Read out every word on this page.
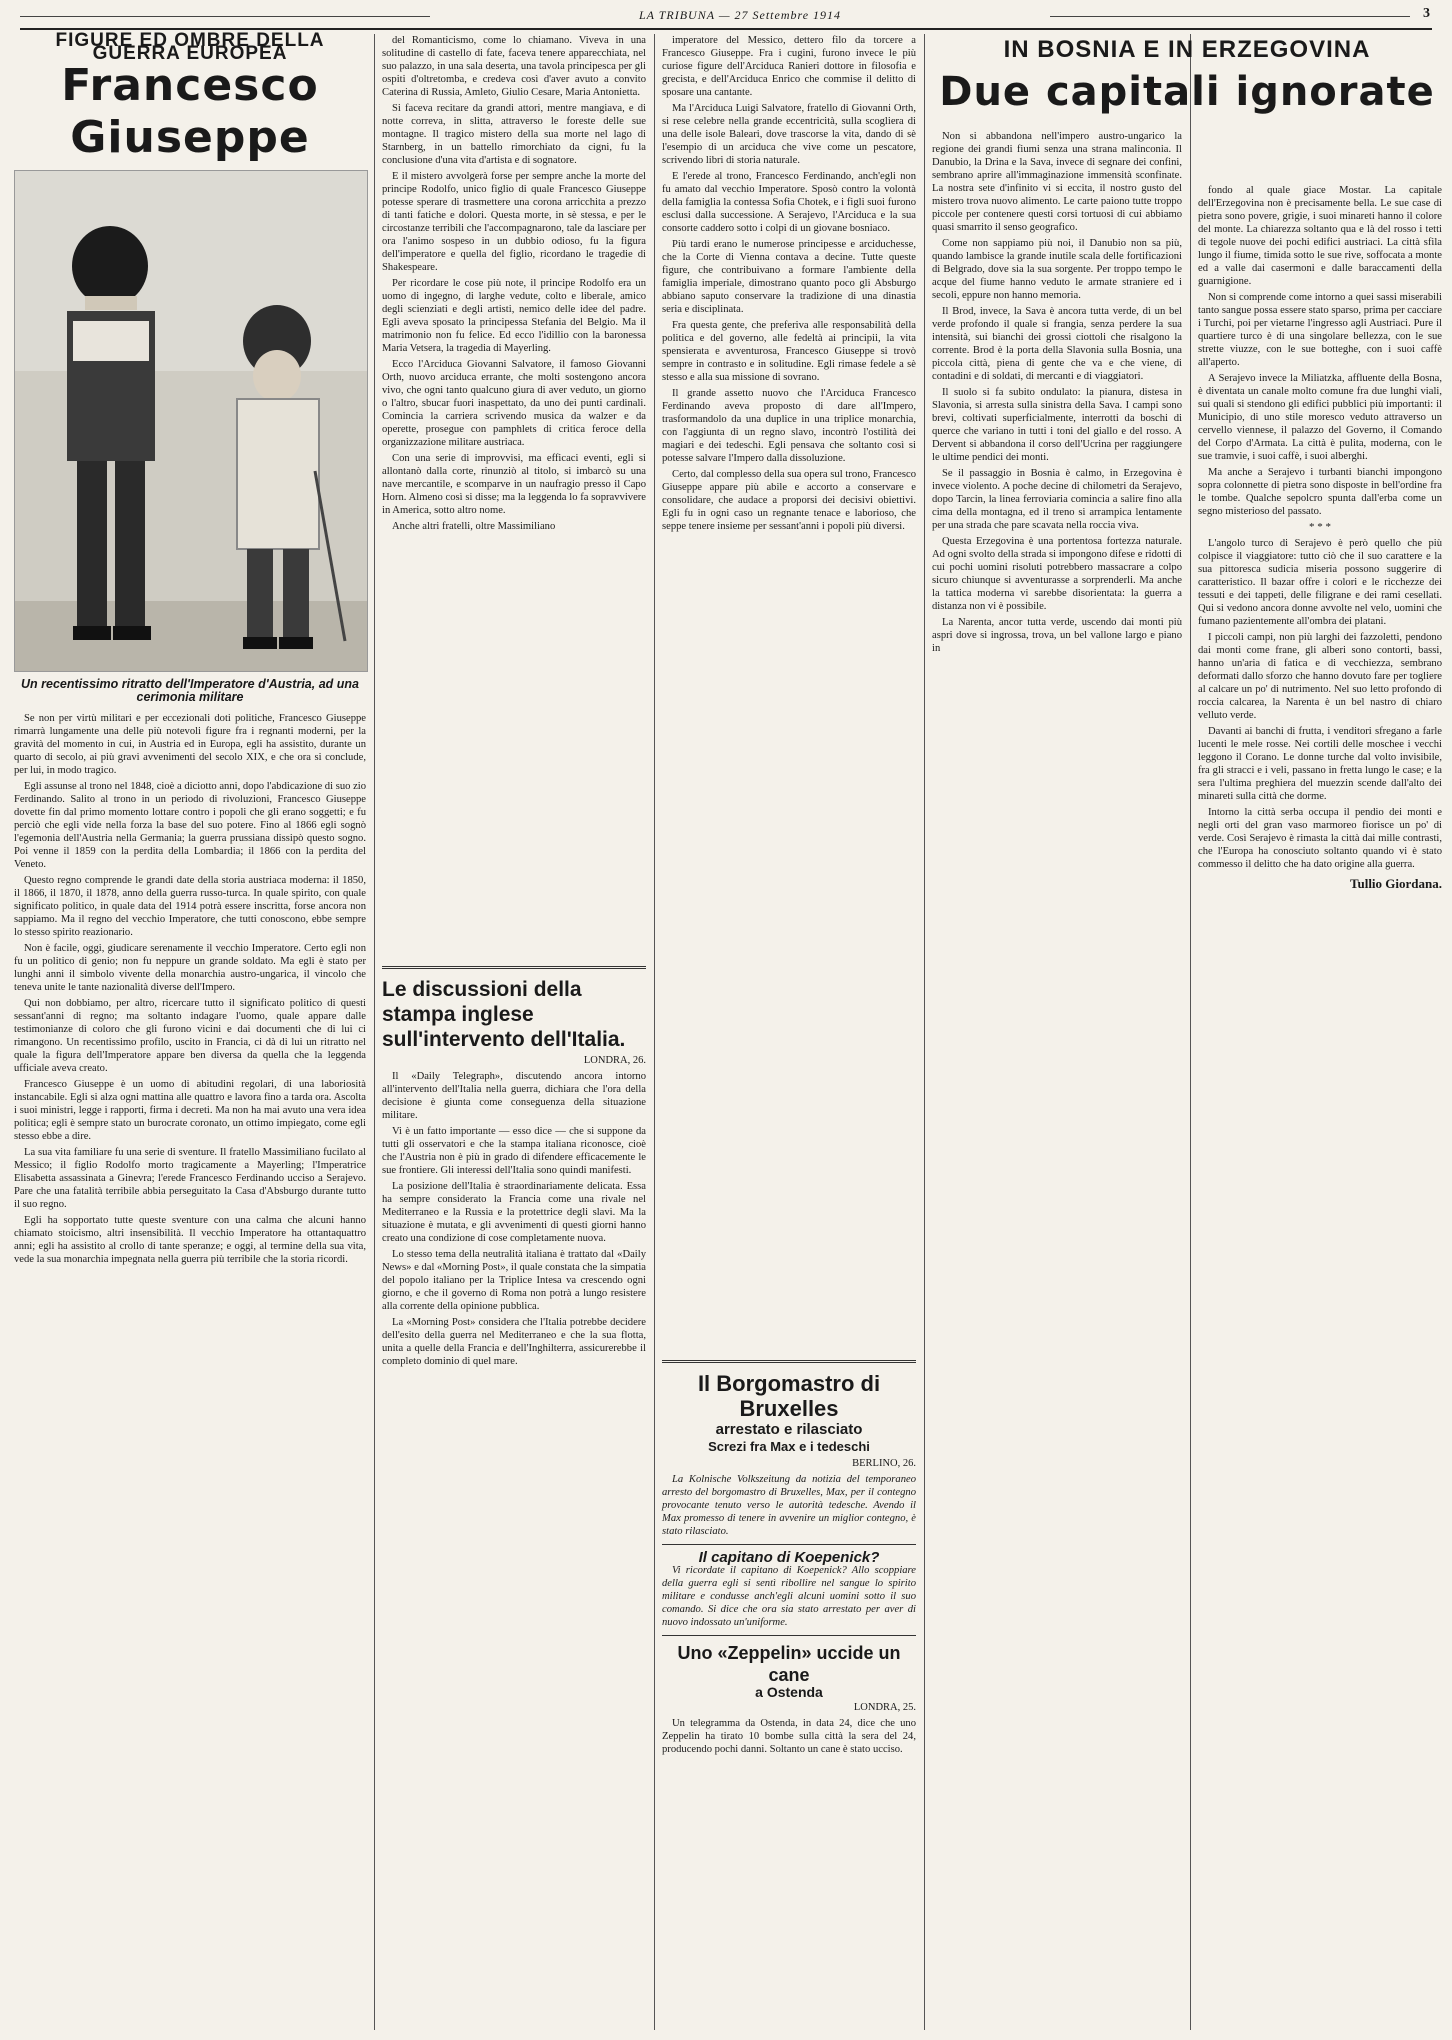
LA TRIBUNA — 27 Settembre 1914	3
FIGURE ED OMBRE DELLA GUERRA EUROPEA
Francesco Giuseppe
Un recentissimo ritratto dell'Imperatore d'Austria, ad una cerimonia militare

Se non per virtù militari e per eccezionali doti politiche, Francesco Giuseppe rimarrà lungamente una delle più notevoli figure fra i regnanti moderni, per la gravità del momento in cui, in Austria ed in Europa, egli ha assistito, durante un quarto di secolo, ai più gravi avvenimenti del secolo XIX, e che ora si conclude, per lui, in modo tragico.

Egli assunse al trono nel 1848, cioè a diciotto anni, dopo l'abdicazione di suo zio Ferdinando. Salito al trono in un periodo di rivoluzioni, Francesco Giuseppe dovette fin dal primo momento lottare contro i popoli che gli erano soggetti; e fu perciò che egli vide nella forza la base del suo potere. Fino al 1866 egli sognò l'egemonia dell'Austria nella Germania; la guerra prussiana dissipò questo sogno. Poi venne il 1859 con la perdita della Lombardia; il 1866 con la perdita del Veneto.

Questo regno comprende le grandi date della storia austriaca moderna: il 1850, il 1866, il 1870, il 1878, anno della guerra russo-turca. In quale spirito, con quale significato politico, in quale data del 1914 potrà essere inscritta, forse ancora non sappiamo. Ma il regno del vecchio Imperatore, che tutti conoscono, ebbe sempre lo stesso spirito reazionario.

Non è facile, oggi, giudicare serenamente il vecchio Imperatore. Certo egli non fu un politico di genio; non fu neppure un grande soldato. Ma egli è stato per lunghi anni il simbolo vivente della monarchia austro-ungarica, il vincolo che teneva unite le tante nazionalità diverse dell'Impero.

Qui non dobbiamo, per altro, ricercare tutto il significato politico di questi sessant'anni di regno; ma soltanto indagare l'uomo, quale appare dalle testimonianze di coloro che gli furono vicini e dai documenti che di lui ci rimangono. Un recentissimo profilo, uscito in Francia, ci dà di lui un ritratto nel quale la figura dell'Imperatore appare ben diversa da quella che la leggenda ufficiale aveva creato.

Francesco Giuseppe è un uomo di abitudini regolari, di una laboriosità instancabile. Egli si alza ogni mattina alle quattro e lavora fino a tarda ora. Ascolta i suoi ministri, legge i rapporti, firma i decreti. Ma non ha mai avuto una vera idea politica; egli è sempre stato un burocrate coronato, un ottimo impiegato, come egli stesso ebbe a dire.

La sua vita familiare fu una serie di sventure. Il fratello Massimiliano fucilato al Messico; il figlio Rodolfo morto tragicamente a Mayerling; l'Imperatrice Elisabetta assassinata a Ginevra; l'erede Francesco Ferdinando ucciso a Serajevo. Pare che una fatalità terribile abbia perseguitato la Casa d'Absburgo durante tutto il suo regno.

Egli ha sopportato tutte queste sventure con una calma che alcuni hanno chiamato stoicismo, altri insensibilità. Il vecchio Imperatore ha ottantaquattro anni; egli ha assistito al crollo di tante speranze; e oggi, al termine della sua vita, vede la sua monarchia impegnata nella guerra più terribile che la storia ricordi.

del Romanticismo, come lo chiamano. Viveva in una solitudine di castello di fate, faceva tenere apparecchiata, nel suo palazzo, in una sala deserta, una tavola principesca per gli ospiti d'oltretomba, e credeva così d'aver avuto a convito Caterina di Russia, Amleto, Giulio Cesare, Maria Antonietta.

Si faceva recitare da grandi attori, mentre mangiava, e di notte correva, in slitta, attraverso le foreste delle sue montagne. Il tragico mistero della sua morte nel lago di Starnberg, in un battello rimorchiato da cigni, fu la conclusione d'una vita d'artista e di sognatore.

E il mistero avvolgerà forse per sempre anche la morte del principe Rodolfo, unico figlio di quale Francesco Giuseppe potesse sperare di trasmettere una corona arricchita a prezzo di tanti fatiche e dolori. Questa morte, in sè stessa, e per le circostanze terribili che l'accompagnarono, tale da lasciare per ora l'animo sospeso in un dubbio odioso, fu la figura dell'imperatore e quella del figlio, ricordano le tragedie di Shakespeare.

Per ricordare le cose più note, il principe Rodolfo era un uomo di ingegno, di larghe vedute, colto e liberale, amico degli scienziati e degli artisti, nemico delle idee del padre. Egli aveva sposato la principessa Stefania del Belgio. Ma il matrimonio non fu felice. Ed ecco l'idillio con la baronessa Maria Vetsera, la tragedia di Mayerling.

Ecco l'Arciduca Giovanni Salvatore, il famoso Giovanni Orth, nuovo arciduca errante, che molti sostengono ancora vivo, che ogni tanto qualcuno giura di aver veduto, un giorno o l'altro, sbucar fuori inaspettato, da uno dei punti cardinali. Comincia la carriera scrivendo musica da walzer e da operette, prosegue con pamphlets di critica feroce della organizzazione militare austriaca.

Con una serie di improvvisi, ma efficaci eventi, egli si allontanò dalla corte, rinunziò al titolo, si imbarcò su una nave mercantile, e scomparve in un naufragio presso il Capo Horn. Almeno così si disse; ma la leggenda lo fa sopravvivere in America, sotto altro nome.

Anche altri fratelli, oltre Massimiliano

Le discussioni della stampa inglese sull'intervento dell'Italia.
LONDRA, 26.

Il «Daily Telegraph», discutendo ancora intorno all'intervento dell'Italia nella guerra, dichiara che l'ora della decisione è giunta come conseguenza della situazione militare.

Vi è un fatto importante — esso dice — che si suppone da tutti gli osservatori e che la stampa italiana riconosce, cioè che l'Austria non è più in grado di difendere efficacemente le sue frontiere. Gli interessi dell'Italia sono quindi manifesti.

La posizione dell'Italia è straordinariamente delicata. Essa ha sempre considerato la Francia come una rivale nel Mediterraneo e la Russia e la protettrice degli slavi. Ma la situazione è mutata, e gli avvenimenti di questi giorni hanno creato una condizione di cose completamente nuova.

Lo stesso tema della neutralità italiana è trattato dal «Daily News» e dal «Morning Post», il quale constata che la simpatia del popolo italiano per la Triplice Intesa va crescendo ogni giorno, e che il governo di Roma non potrà a lungo resistere alla corrente della opinione pubblica.

La «Morning Post» considera che l'Italia potrebbe decidere dell'esito della guerra nel Mediterraneo e che la sua flotta, unita a quelle della Francia e dell'Inghilterra, assicurerebbe il completo dominio di quel mare.

imperatore del Messico, dettero filo da torcere a Francesco Giuseppe. Fra i cugini, furono invece le più curiose figure dell'Arciduca Ranieri dottore in filosofia e grecista, e dell'Arciduca Enrico che commise il delitto di sposare una cantante.

Ma l'Arciduca Luigi Salvatore, fratello di Giovanni Orth, si rese celebre nella grande eccentricità, sulla scogliera di una delle isole Baleari, dove trascorse la vita, dando di sè l'esempio di un arciduca che vive come un pescatore, scrivendo libri di storia naturale.

E l'erede al trono, Francesco Ferdinando, anch'egli non fu amato dal vecchio Imperatore. Sposò contro la volontà della famiglia la contessa Sofia Chotek, e i figli suoi furono esclusi dalla successione. A Serajevo, l'Arciduca e la sua consorte caddero sotto i colpi di un giovane bosniaco.

Più tardi erano le numerose principesse e arciduchesse, che la Corte di Vienna contava a decine. Tutte queste figure, che contribuivano a formare l'ambiente della famiglia imperiale, dimostrano quanto poco gli Absburgo abbiano saputo conservare la tradizione di una dinastia seria e disciplinata.

Fra questa gente, che preferiva alle responsabilità della politica e del governo, alle fedeltà ai principii, la vita spensierata e avventurosa, Francesco Giuseppe si trovò sempre in contrasto e in solitudine. Egli rimase fedele a sè stesso e alla sua missione di sovrano.

Il grande assetto nuovo che l'Arciduca Francesco Ferdinando aveva proposto di dare all'Impero, trasformandolo da una duplice in una triplice monarchia, con l'aggiunta di un regno slavo, incontrò l'ostilità dei magiari e dei tedeschi. Egli pensava che soltanto così si potesse salvare l'Impero dalla dissoluzione.

Certo, dal complesso della sua opera sul trono, Francesco Giuseppe appare più abile e accorto a conservare e consolidare, che audace a proporsi dei decisivi obiettivi. Egli fu in ogni caso un regnante tenace e laborioso, che seppe tenere insieme per sessant'anni i popoli più diversi.

Il Borgomastro di Bruxelles
arrestato e rilasciato
Screzi fra Max e i tedeschi
BERLINO, 26.

La Kolnische Volkszeitung da notizia del temporaneo arresto del borgomastro di Bruxelles, Max, per il contegno provocante tenuto verso le autorità tedesche. Avendo il Max promesso di tenere in avvenire un miglior contegno, è stato rilasciato.

Il capitano di Koepenick?

Vi ricordate il capitano di Koepenick? Allo scoppiare della guerra egli si sentì ribollire nel sangue lo spirito militare e condusse anch'egli alcuni uomini sotto il suo comando. Si dice che ora sia stato arrestato per aver di nuovo indossato un'uniforme.

Uno «Zeppelin» uccide un cane
a Ostenda
LONDRA, 25.

Un telegramma da Ostenda, in data 24, dice che uno Zeppelin ha tirato 10 bombe sulla città la sera del 24, producendo pochi danni. Soltanto un cane è stato ucciso.

IN BOSNIA E IN ERZEGOVINA
Due capitali ignorate

Non si abbandona nell'impero austro-ungarico la regione dei grandi fiumi senza una strana malinconia. Il Danubio, la Drina e la Sava, invece di segnare dei confini, sembrano aprire all'immaginazione immensità sconfinate. La nostra sete d'infinito vi si eccita, il nostro gusto del mistero trova nuovo alimento. Le carte paiono tutte troppo piccole per contenere questi corsi tortuosi di cui abbiamo quasi smarrito il senso geografico.

Come non sappiamo più noi, il Danubio non sa più, quando lambisce la grande inutile scala delle fortificazioni di Belgrado, dove sia la sua sorgente. Per troppo tempo le acque del fiume hanno veduto le armate straniere ed i secoli, eppure non hanno memoria.

Il Brod, invece, la Sava è ancora tutta verde, di un bel verde profondo il quale si frangia, senza perdere la sua intensità, sui bianchi dei grossi ciottoli che risalgono la corrente. Brod è la porta della Slavonia sulla Bosnia, una piccola città, piena di gente che va e che viene, di contadini e di soldati, di mercanti e di viaggiatori.

Il suolo si fa subito ondulato: la pianura, distesa in Slavonia, si arresta sulla sinistra della Sava. I campi sono brevi, coltivati superficialmente, interrotti da boschi di querce che variano in tutti i toni del giallo e del rosso. A Dervent si abbandona il corso dell'Ucrina per raggiungere le ultime pendici dei monti.

Se il passaggio in Bosnia è calmo, in Erzegovina è invece violento. A poche decine di chilometri da Serajevo, dopo Tarcin, la linea ferroviaria comincia a salire fino alla cima della montagna, ed il treno si arrampica lentamente per una strada che pare scavata nella roccia viva.

Questa Erzegovina è una portentosa fortezza naturale. Ad ogni svolto della strada si impongono difese e ridotti di cui pochi uomini risoluti potrebbero massacrare a colpo sicuro chiunque si avventurasse a sorprenderli. Ma anche la tattica moderna vi sarebbe disorientata: la guerra a distanza non vi è possibile.

La Narenta, ancor tutta verde, uscendo dai monti più aspri dove si ingrossa, trova, un bel vallone largo e piano in

fondo al quale giace Mostar. La capitale dell'Erzegovina non è precisamente bella. Le sue case di pietra sono povere, grigie, i suoi minareti hanno il colore del monte. La chiarezza soltanto qua e là del rosso i tetti di tegole nuove dei pochi edifici austriaci. La città sfila lungo il fiume, timida sotto le sue rive, soffocata a monte ed a valle dai casermoni e dalle baraccamenti della guarnigione.

Non si comprende come intorno a quei sassi miserabili tanto sangue possa essere stato sparso, prima per cacciare i Turchi, poi per vietarne l'ingresso agli Austriaci. Pure il quartiere turco è di una singolare bellezza, con le sue strette viuzze, con le sue botteghe, con i suoi caffè all'aperto.

A Serajevo invece la Miliatzka, affluente della Bosna, è diventata un canale molto comune fra due lunghi viali, sui quali si stendono gli edifici pubblici più importanti: il Municipio, di uno stile moresco veduto attraverso un cervello viennese, il palazzo del Governo, il Comando del Corpo d'Armata. La città è pulita, moderna, con le sue tramvie, i suoi caffè, i suoi alberghi.

Ma anche a Serajevo i turbanti bianchi impongono sopra colonnette di pietra sono disposte in bell'ordine fra le tombe. Qualche sepolcro spunta dall'erba come un segno misterioso del passato.

* * *

L'angolo turco di Serajevo è però quello che più colpisce il viaggiatore: tutto ciò che il suo carattere e la sua pittoresca sudicia miseria possono suggerire di caratteristico. Il bazar offre i colori e le ricchezze dei tessuti e dei tappeti, delle filigrane e dei rami cesellati. Qui si vedono ancora donne avvolte nel velo, uomini che fumano pazientemente all'ombra dei platani.

I piccoli campi, non più larghi dei fazzoletti, pendono dai monti come frane, gli alberi sono contorti, bassi, hanno un'aria di fatica e di vecchiezza, sembrano deformati dallo sforzo che hanno dovuto fare per togliere al calcare un po' di nutrimento. Nel suo letto profondo di roccia calcarea, la Narenta è un bel nastro di chiaro velluto verde.

Davanti ai banchi di frutta, i venditori sfregano a farle lucenti le mele rosse. Nei cortili delle moschee i vecchi leggono il Corano. Le donne turche dal volto invisibile, fra gli stracci e i veli, passano in fretta lungo le case; e la sera l'ultima preghiera del muezzin scende dall'alto dei minareti sulla città che dorme.

Intorno la città serba occupa il pendio dei monti e negli orti del gran vaso marmoreo fiorisce un po' di verde. Così Serajevo è rimasta la città dai mille contrasti, che l'Europa ha conosciuto soltanto quando vi è stato commesso il delitto che ha dato origine alla guerra.

Tullio Giordana.
